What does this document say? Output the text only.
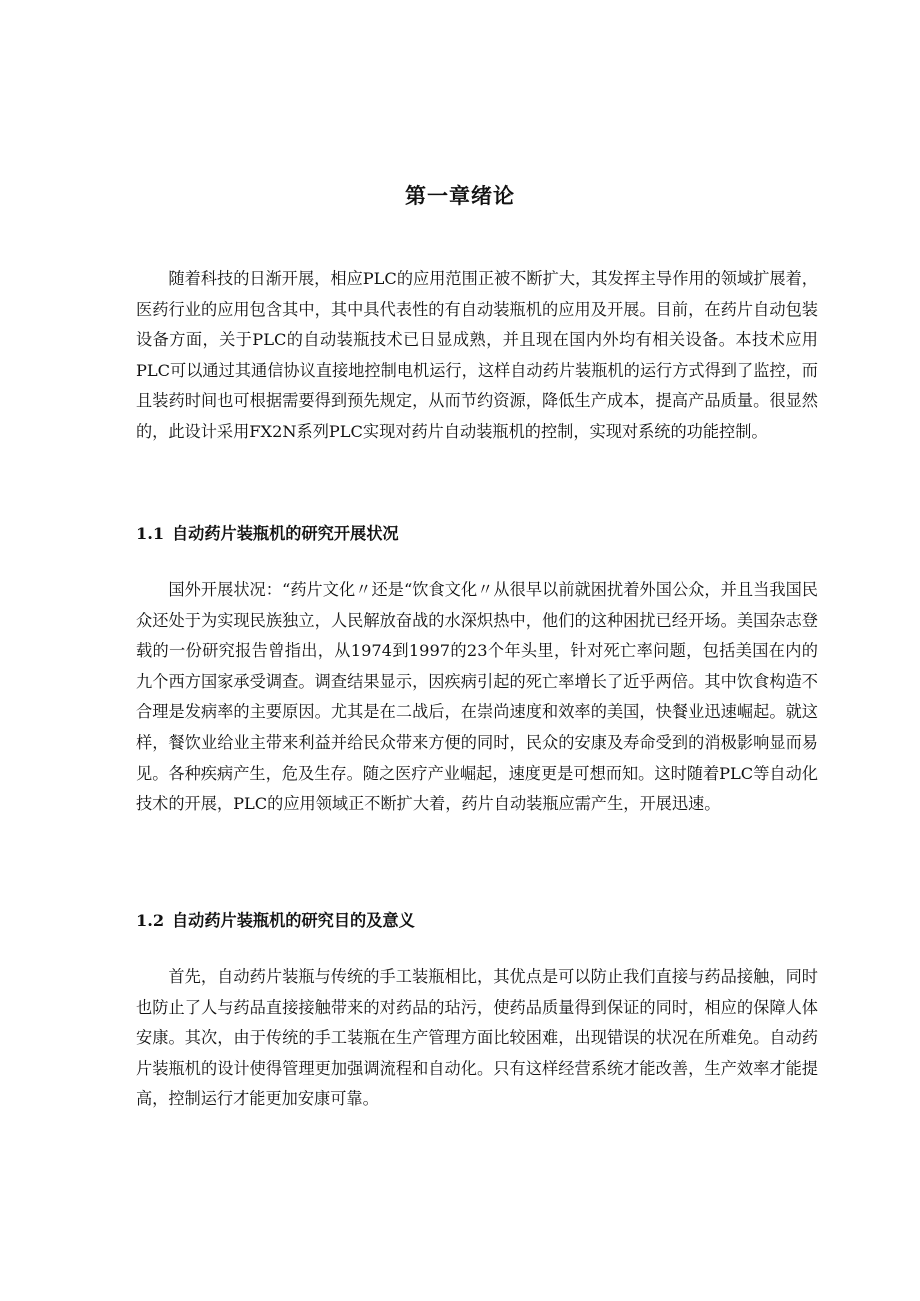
第一章绪论

随着科技的日渐开展，相应PLC的应用范围正被不断扩大，其发挥主导作用的领域扩展着，医药行业的应用包含其中，其中具代表性的有自动装瓶机的应用及开展。目前，在药片自动包装设备方面，关于PLC的自动装瓶技术已日显成熟，并且现在国内外均有相关设备。本技术应用PLC可以通过其通信协议直接地控制电机运行，这样自动药片装瓶机的运行方式得到了监控，而且装药时间也可根据需要得到预先规定，从而节约资源，降低生产成本，提高产品质量。很显然的，此设计采用FX2N系列PLC实现对药片自动装瓶机的控制，实现对系统的功能控制。

1.1 自动药片装瓶机的研究开展状况

国外开展状况：“药片文化〃还是“饮食文化〃从很早以前就困扰着外国公众，并且当我国民众还处于为实现民族独立，人民解放奋战的水深炽热中，他们的这种困扰已经开场。美国杂志登载的一份研究报告曾指出，从1974到1997的23个年头里，针对死亡率问题，包括美国在内的九个西方国家承受调查。调查结果显示，因疾病引起的死亡率增长了近乎两倍。其中饮食构造不合理是发病率的主要原因。尤其是在二战后，在崇尚速度和效率的美国，快餐业迅速崛起。就这样，餐饮业给业主带来利益并给民众带来方便的同时，民众的安康及寿命受到的消极影响显而易见。各种疾病产生，危及生存。随之医疗产业崛起，速度更是可想而知。这时随着PLC等自动化技术的开展，PLC的应用领域正不断扩大着，药片自动装瓶应需产生，开展迅速。

1.2 自动药片装瓶机的研究目的及意义

首先，自动药片装瓶与传统的手工装瓶相比，其优点是可以防止我们直接与药品接触，同时也防止了人与药品直接接触带来的对药品的玷污，使药品质量得到保证的同时，相应的保障人体安康。其次，由于传统的手工装瓶在生产管理方面比较困难，出现错误的状况在所难免。自动药片装瓶机的设计使得管理更加强调流程和自动化。只有这样经营系统才能改善，生产效率才能提高，控制运行才能更加安康可靠。
